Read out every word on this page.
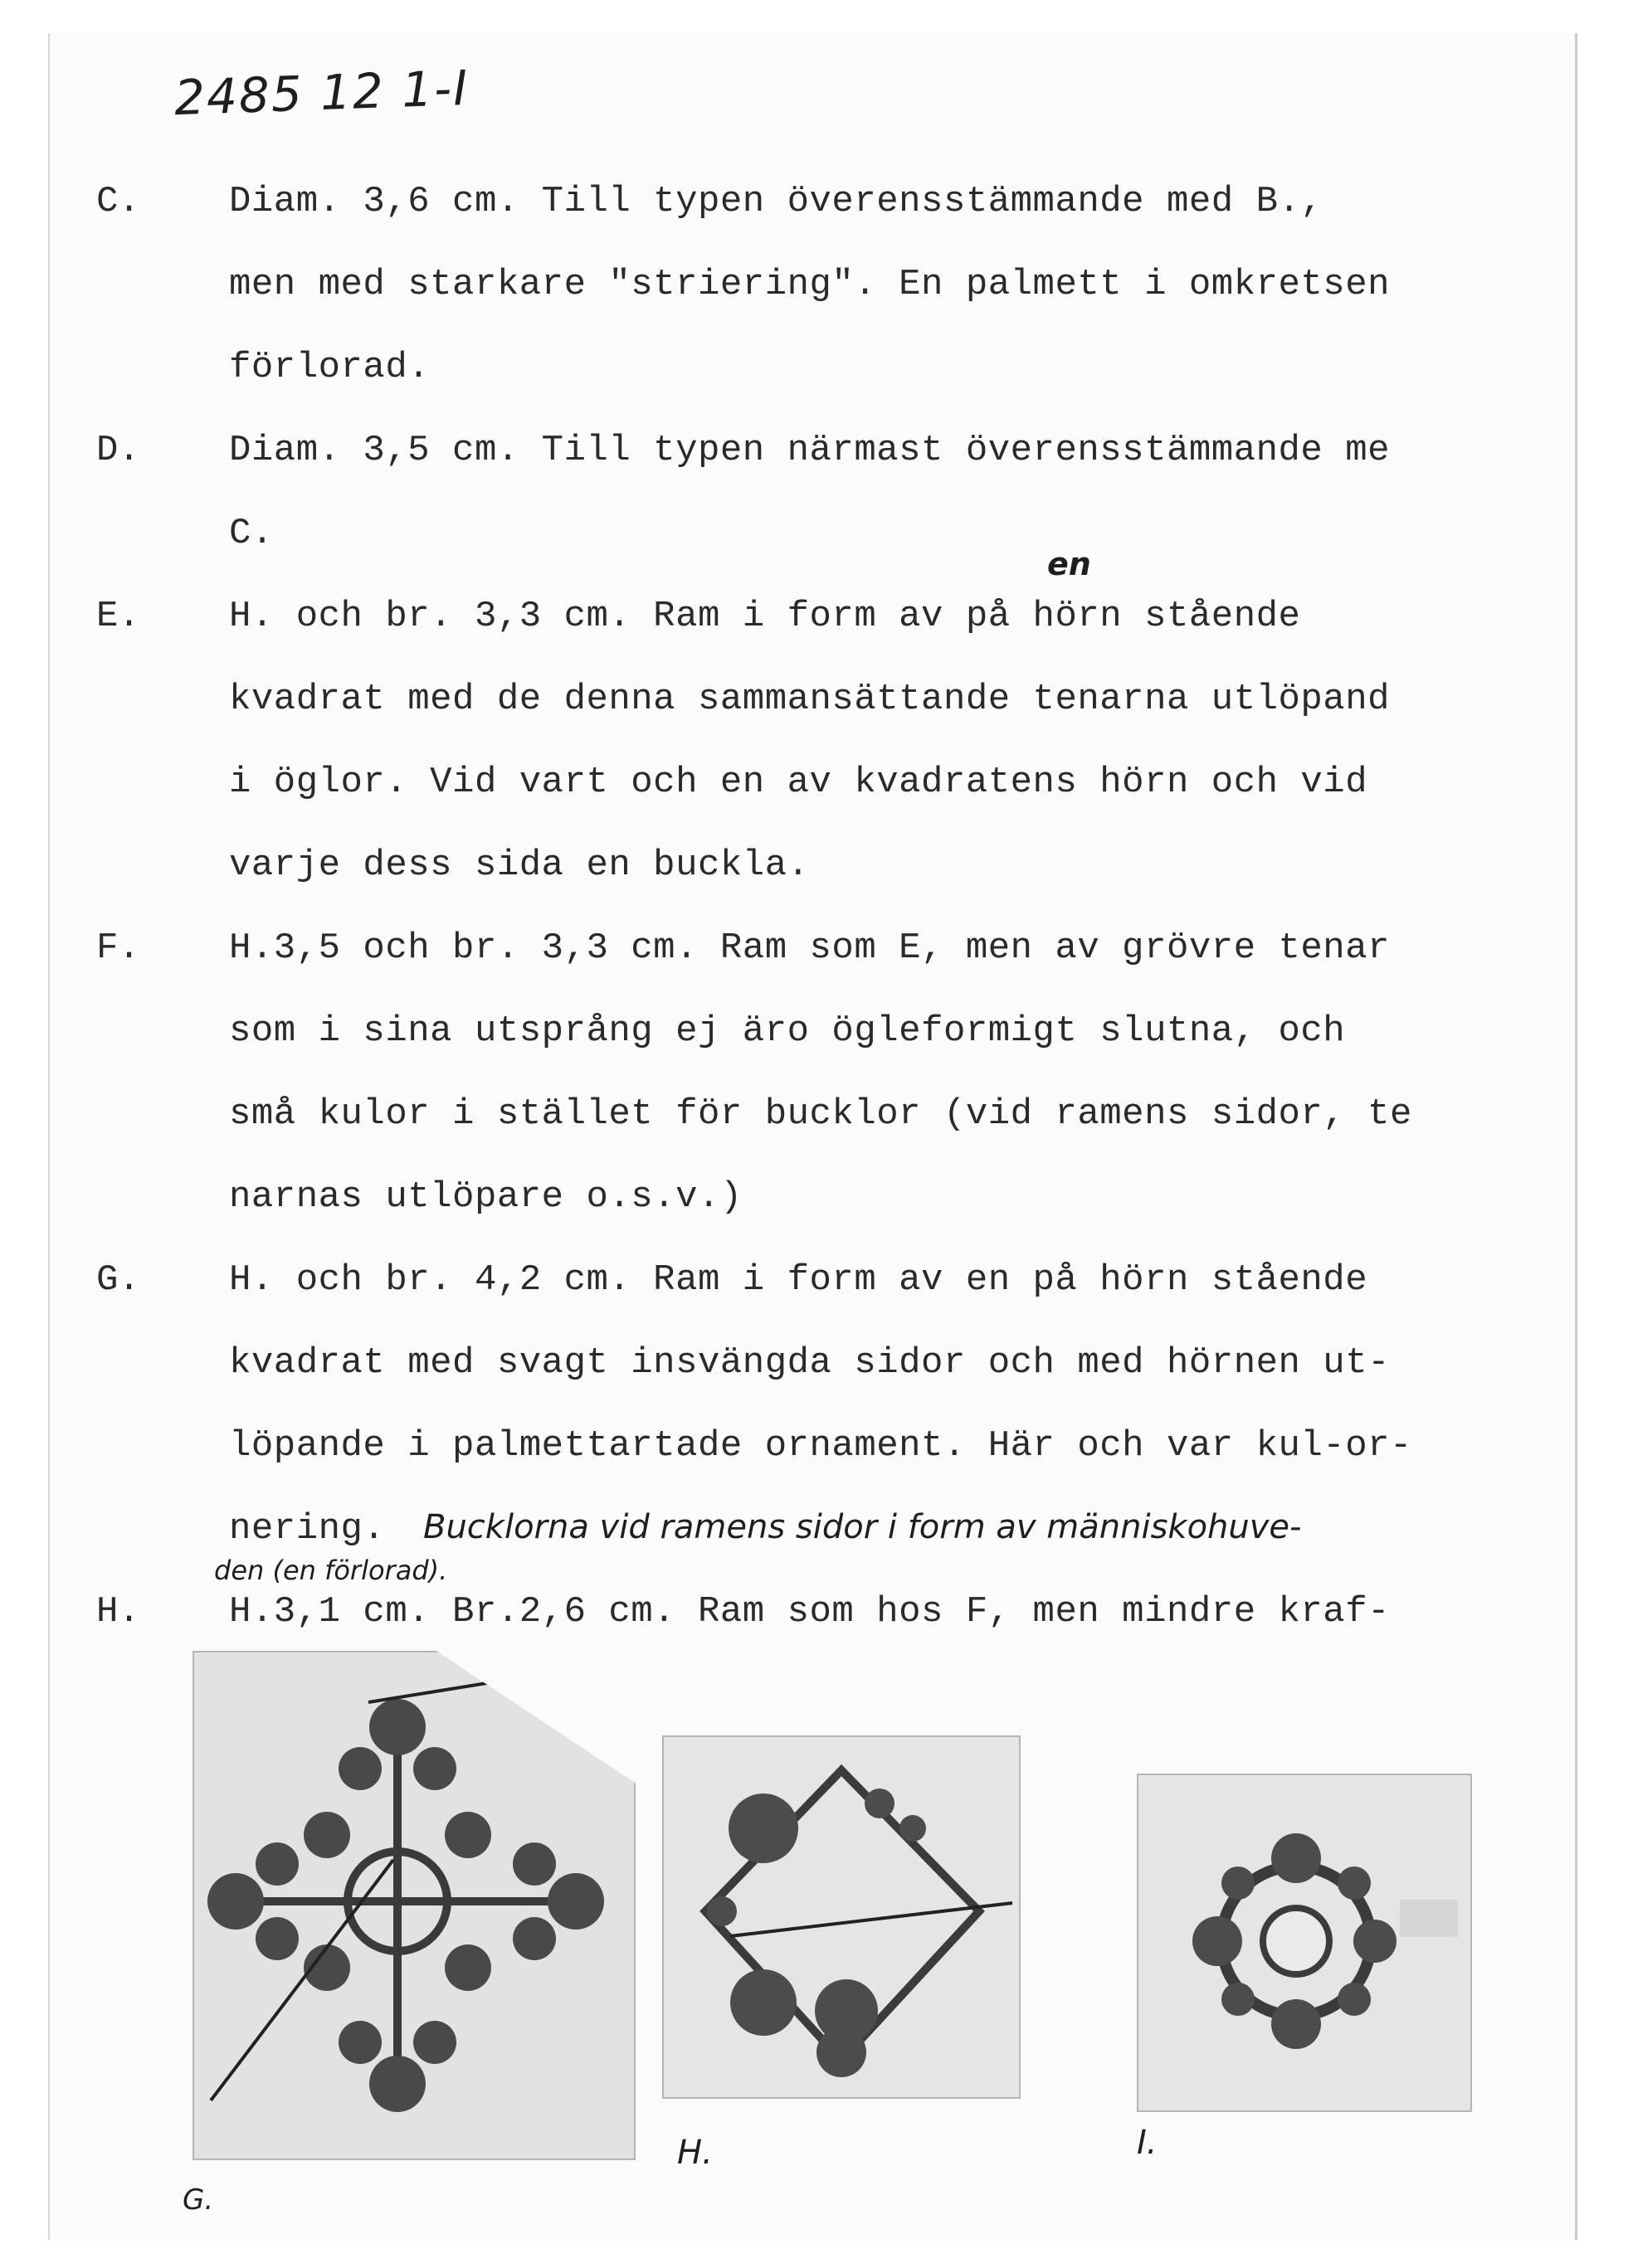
2485 12 1-I
C. Diam. 3,6 cm. Till typen överensstämmande med B.,
men med starkare "striering". En palmett i omkretsen
förlorad.
D. Diam. 3,5 cm. Till typen närmast överensstämmande me
C.
en
E. H. och br. 3,3 cm. Ram i form av på hörn stående
kvadrat med de denna sammansättande tenarna utlöpand
i öglor. Vid vart och en av kvadratens hörn och vid
varje dess sida en buckla.
F. H.3,5 och br. 3,3 cm. Ram som E, men av grövre tenar
som i sina utsprång ej äro ögleformigt slutna, och
små kulor i stället för bucklor (vid ramens sidor, te
narnas utlöpare o.s.v.)
G. H. och br. 4,2 cm. Ram i form av en på hörn stående
kvadrat med svagt insvängda sidor och med hörnen ut-
löpande i palmettartade ornament. Här och var kul-or-
nering. Bucklorna vid ramens sidor i form av människohuve-
den (en förlorad).
H. H.3,1 cm. Br.2,6 cm. Ram som hos F, men mindre kraf-
H.	I.
G.
